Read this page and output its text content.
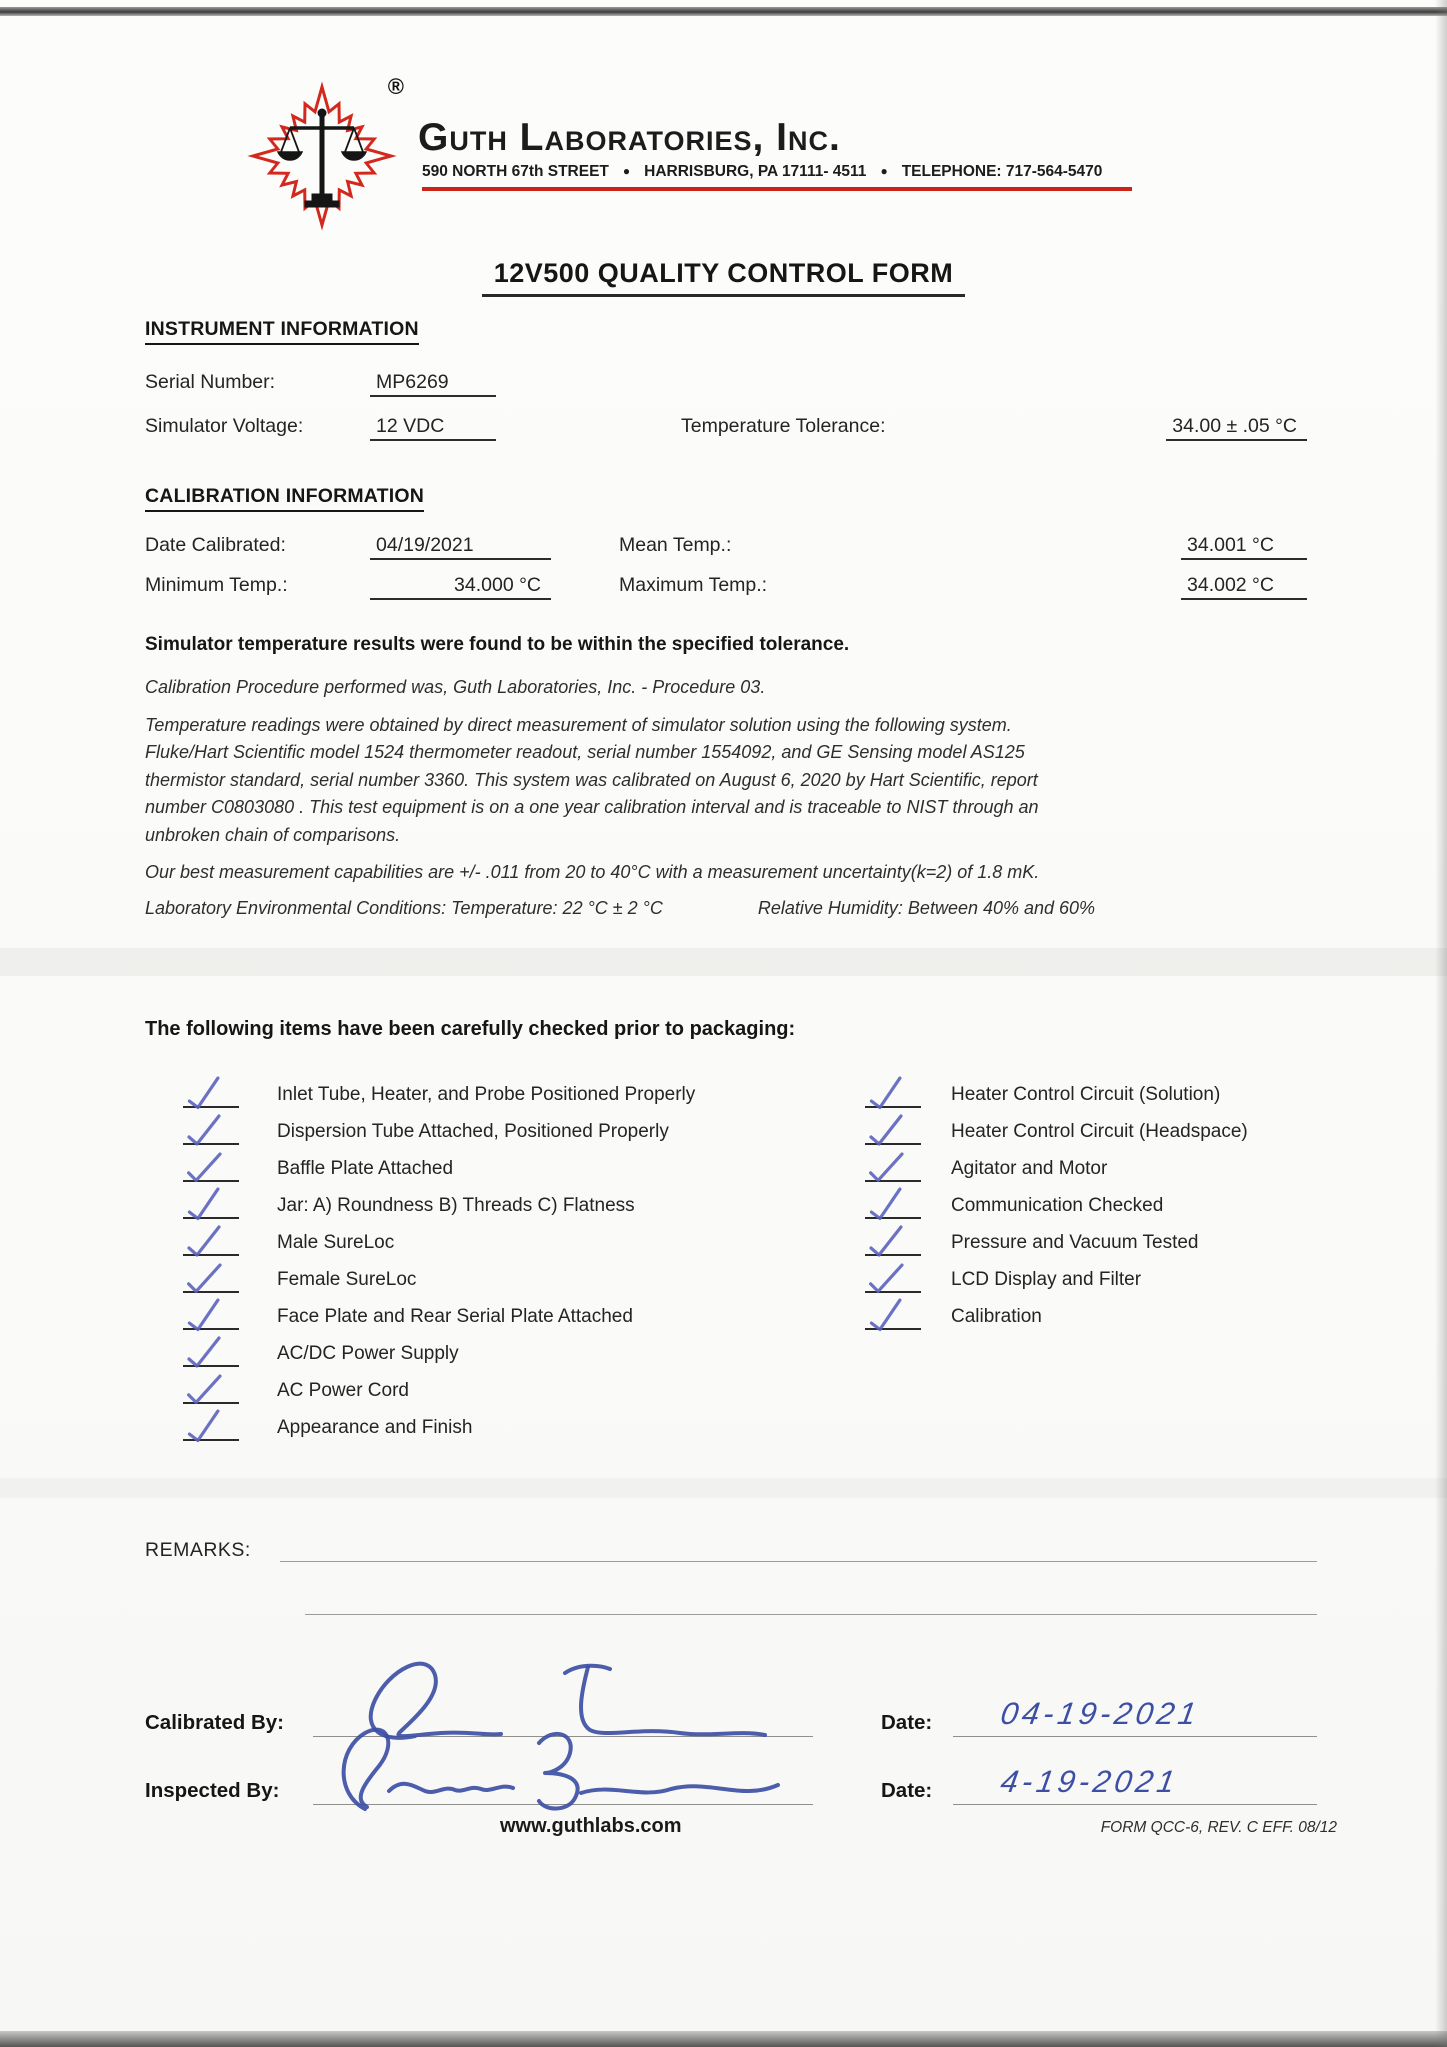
®
Guth Laboratories, Inc.
590 NORTH 67th STREET ● HARRISBURG, PA 17111- 4511 ● TELEPHONE: 717-564-5470
12V500 QUALITY CONTROL FORM
INSTRUMENT INFORMATION
Serial Number:	MP6269
Simulator Voltage:	12 VDC	Temperature Tolerance:	34.00 ± .05 °C
CALIBRATION INFORMATION
Date Calibrated:	04/19/2021	Mean Temp.:	34.001 °C
Minimum Temp.:	34.000 °C	Maximum Temp.:	34.002 °C
Simulator temperature results were found to be within the specified tolerance.
Calibration Procedure performed was, Guth Laboratories, Inc. - Procedure 03.
Temperature readings were obtained by direct measurement of simulator solution using the following system.
Fluke/Hart Scientific model 1524 thermometer readout, serial number 1554092, and GE Sensing model AS125
thermistor standard, serial number 3360. This system was calibrated on August 6, 2020 by Hart Scientific, report
number C0803080 . This test equipment is on a one year calibration interval and is traceable to NIST through an
unbroken chain of comparisons.
Our best measurement capabilities are +/- .011 from 20 to 40°C with a measurement uncertainty(k=2) of 1.8 mK.
Laboratory Environmental Conditions: Temperature: 22 °C ± 2 °C	Relative Humidity: Between 40% and 60%
The following items have been carefully checked prior to packaging:
Inlet Tube, Heater, and Probe Positioned Properly
Dispersion Tube Attached, Positioned Properly
Baffle Plate Attached
Jar: A) Roundness B) Threads C) Flatness
Male SureLoc
Female SureLoc
Face Plate and Rear Serial Plate Attached
AC/DC Power Supply
AC Power Cord
Appearance and Finish
Heater Control Circuit (Solution)
Heater Control Circuit (Headspace)
Agitator and Motor
Communication Checked
Pressure and Vacuum Tested
LCD Display and Filter
Calibration
REMARKS:
Calibrated By:	Date:	04-19-2021
Inspected By:	Date:	4-19-2021
www.guthlabs.com	FORM QCC-6, REV. C EFF. 08/12
